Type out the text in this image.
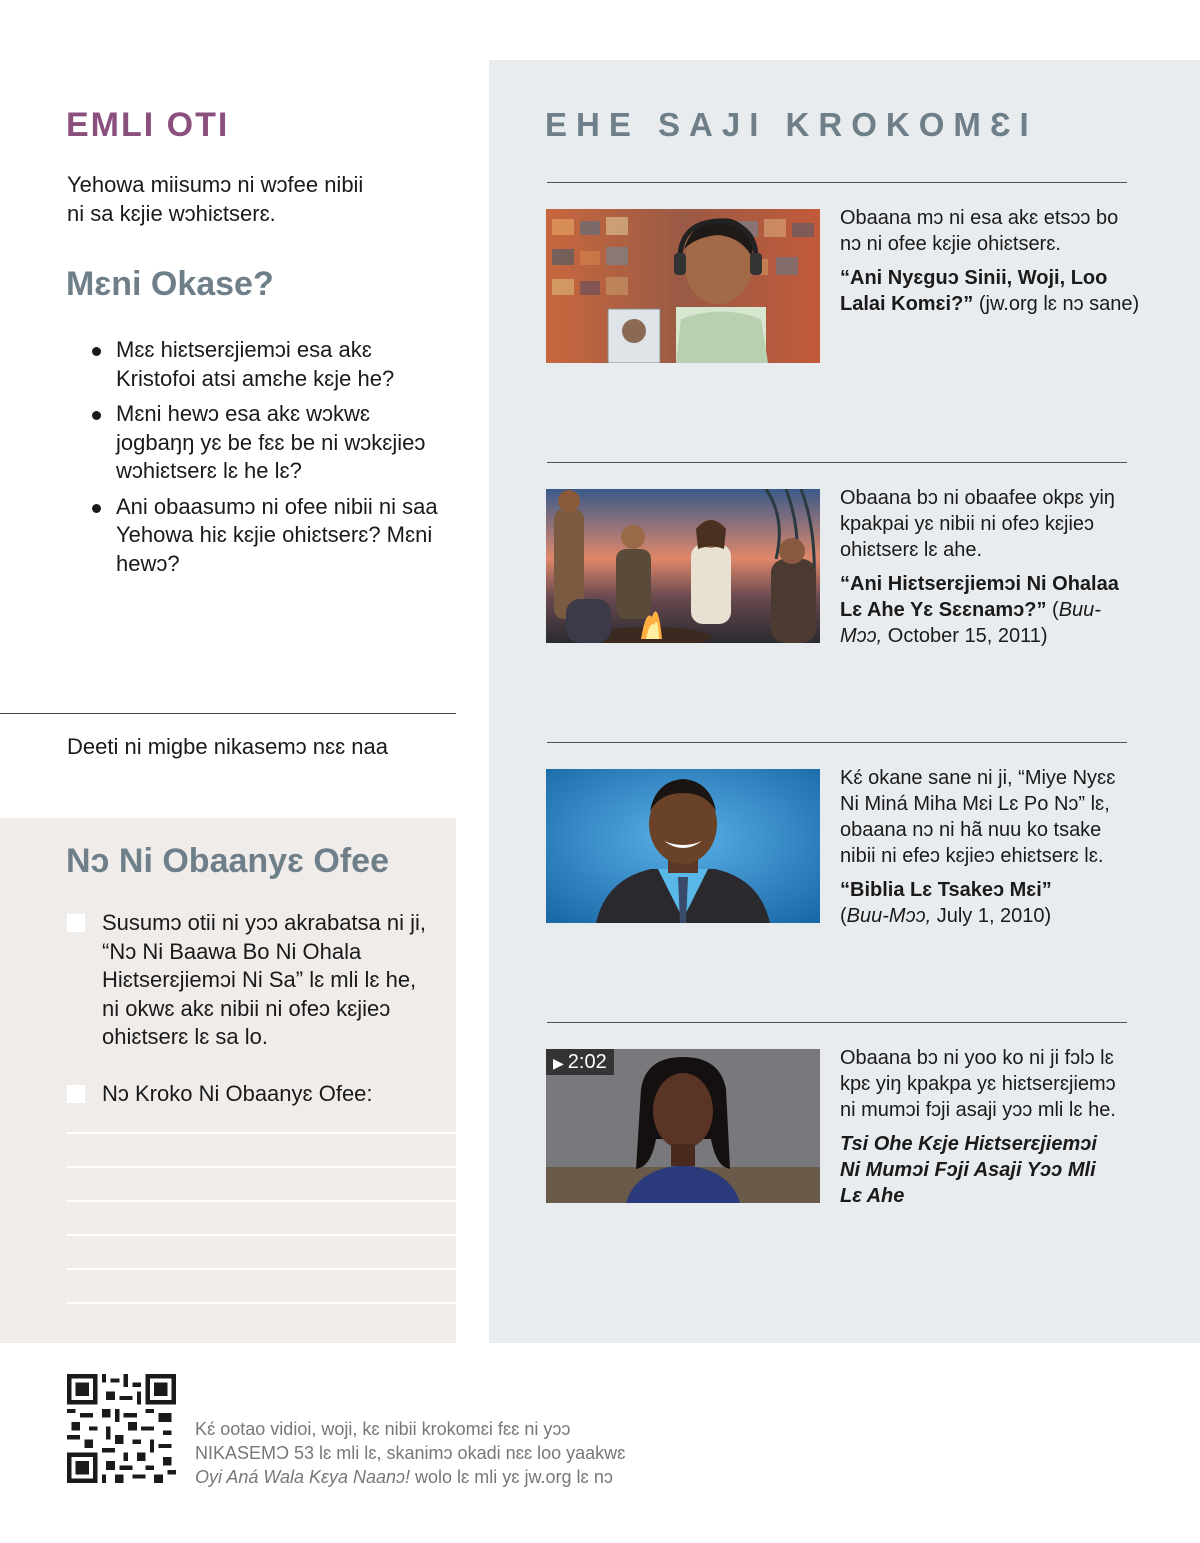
EMLI OTI

Yehowa miisumɔ ni wɔfee nibii
ni sa kɛjie wɔhiɛtserɛ.

Mɛni Okase?
Mɛɛ hiɛtserɛjiemɔi esa akɛ Kristofoi atsi amɛhe kɛje he?
Mɛni hewɔ esa akɛ wɔkwɛ jogbaŋŋ yɛ be fɛɛ be ni wɔkɛjieɔ wɔhiɛtserɛ lɛ he lɛ?
Ani obaasumɔ ni ofee nibii ni saa Yehowa hiɛ kɛjie ohiɛtserɛ? Mɛni hewɔ?

Deeti ni migbe nikasemɔ nɛɛ naa

Nɔ Ni Obaanyɛ Ofee
Susumɔ otii ni yɔɔ akrabatsa ni ji, “Nɔ Ni Baawa Bo Ni Ohala Hiɛtserɛjiemɔi Ni Sa” lɛ mli lɛ he, ni okwɛ akɛ nibii ni ofeɔ kɛjieɔ ohiɛtserɛ lɛ sa lo.
Nɔ Kroko Ni Obaanyɛ Ofee:
EHE SAJI KROKOMƐI

Obaana mɔ ni esa akɛ etsɔɔ bo nɔ ni ofee kɛjie ohiɛtserɛ.

“Ani Nyɛguɔ Sinii, Woji, Loo Lalai Komɛi?” (jw.org lɛ nɔ sane)

Obaana bɔ ni obaafee okpɛ yiŋ kpakpai yɛ nibii ni ofeɔ kɛjieɔ ohiɛtserɛ lɛ ahe.

“Ani Hiɛtserɛjiemɔi Ni Ohalaa Lɛ Ahe Yɛ Sɛɛnamɔ?” (Buu-Mɔɔ, October 15, 2011)

Kɛ́ okane sane ni ji, “Miye Nyɛɛ Ni Miná Miha Mɛi Lɛ Po Nɔ” lɛ, obaana nɔ ni hã nuu ko tsake nibii ni efeɔ kɛjieɔ ehiɛtserɛ lɛ.

“Biblia Lɛ Tsakeɔ Mɛi”
(Buu-Mɔɔ, July 1, 2010)

▶ 2:02	Obaana bɔ ni yoo ko ni ji fɔlɔ lɛ kpɛ yiŋ kpakpa yɛ hiɛtserɛjiemɔ ni mumɔi fɔji asaji yɔɔ mli lɛ he.

Tsi Ohe Kɛje Hiɛtserɛjiemɔi Ni Mumɔi Fɔji Asaji Yɔɔ Mli Lɛ Ahe

Kɛ́ ootao vidioi, woji, kɛ nibii krokomɛi fɛɛ ni yɔɔ
NIKASEMƆ 53 lɛ mli lɛ, skanimɔ okadi nɛɛ loo yaakwɛ
Oyi Aná Wala Kɛya Naanɔ! wolo lɛ mli yɛ jw.org lɛ nɔ
